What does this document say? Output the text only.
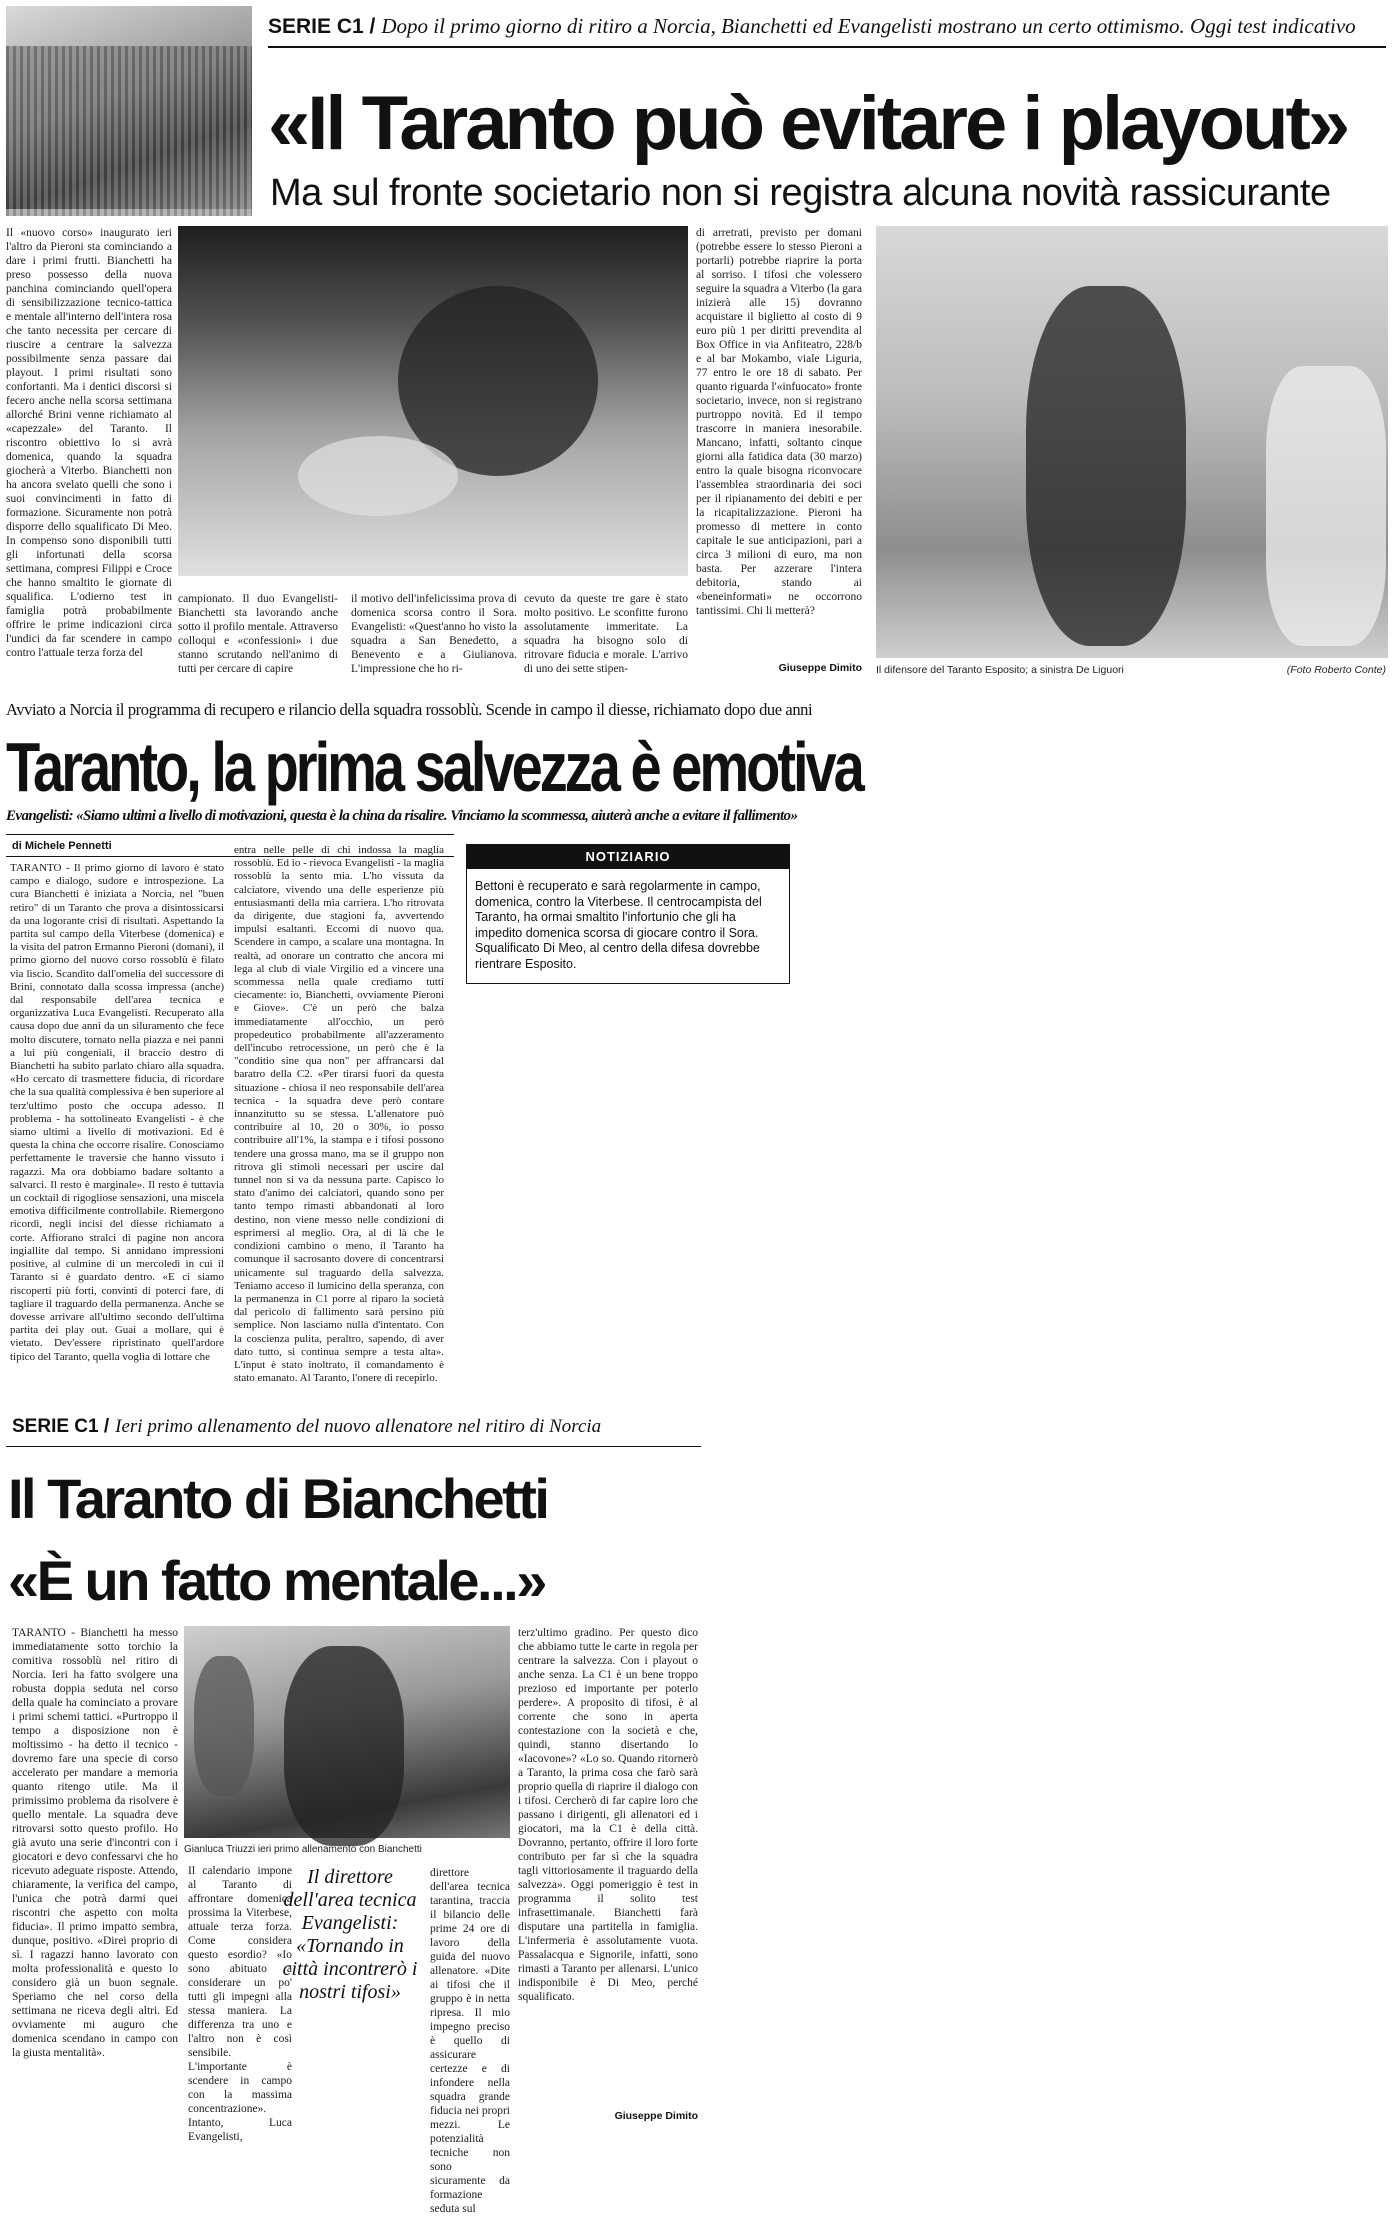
SERIE C1 / Dopo il primo giorno di ritiro a Norcia, Bianchetti ed Evangelisti mostrano un certo ottimismo. Oggi test indicativo
«Il Taranto può evitare i playout»
Ma sul fronte societario non si registra alcuna novità rassicurante
Il «nuovo corso» inaugurato ieri l'altro da Pieroni sta cominciando a dare i primi frutti. Bianchetti ha preso possesso della nuova panchina cominciando quell'opera di sensibilizzazione tecnico-tattica e mentale all'interno dell'intera rosa che tanto necessita per cercare di riuscire a centrare la salvezza possibilmente senza passare dai playout. I primi risultati sono confortanti. Ma i dentici discorsi si fecero anche nella scorsa settimana allorché Brini venne richiamato al «capezzale» del Taranto. Il riscontro obiettivo lo si avrà domenica, quando la squadra giocherà a Viterbo. Bianchetti non ha ancora svelato quelli che sono i suoi convincimenti in fatto di formazione. Sicuramente non potrà disporre dello squalificato Di Meo. In compenso sono disponibili tutti gli infortunati della scorsa settimana, compresi Filippi e Croce che hanno smaltito le giornate di squalifica. L'odierno test in famiglia potrà probabilmente offrire le prime indicazioni circa l'undici da far scendere in campo contro l'attuale terza forza del
campionato. Il duo Evangelisti-Bianchetti sta lavorando anche sotto il profilo mentale. Attraverso colloqui e «confessioni» i due stanno scrutando nell'animo di tutti per cercare di capire
il motivo dell'infelicissima prova di domenica scorsa contro il Sora. Evangelisti: «Quest'anno ho visto la squadra a San Benedetto, a Benevento e a Giulianova. L'impressione che ho ri-
cevuto da queste tre gare è stato molto positivo. Le sconfitte furono assolutamente immeritate. La squadra ha bisogno solo di ritrovare fiducia e morale. L'arrivo di uno dei sette stipen-
di arretrati, previsto per domani (potrebbe essere lo stesso Pieroni a portarli) potrebbe riaprire la porta al sorriso. I tifosi che volessero seguire la squadra a Viterbo (la gara inizierà alle 15) dovranno acquistare il biglietto al costo di 9 euro più 1 per diritti prevendita al Box Office in via Anfiteatro, 228/b e al bar Mokambo, viale Liguria, 77 entro le ore 18 di sabato. Per quanto riguarda l'«infuocato» fronte societario, invece, non si registrano purtroppo novità. Ed il tempo trascorre in maniera inesorabile. Mancano, infatti, soltanto cinque giorni alla fatidica data (30 marzo) entro la quale bisogna riconvocare l'assemblea straordinaria dei soci per il ripianamento dei debiti e per la ricapitalizzazione. Pieroni ha promesso di mettere in conto capitale le sue anticipazioni, pari a circa 3 milioni di euro, ma non basta. Per azzerare l'intera debitoria, stando ai «beneinformati» ne occorrono tantissimi. Chi li metterà?
Giuseppe Dimito Il difensore del Taranto Esposito; a sinistra De Liguori	(Foto Roberto Conte)
Avviato a Norcia il programma di recupero e rilancio della squadra rossoblù. Scende in campo il diesse, richiamato dopo due anni
Taranto, la prima salvezza è emotiva
Evangelisti: «Siamo ultimi a livello di motivazioni, questa è la china da risalire. Vinciamo la scommessa, aiuterà anche a evitare il fallimento»
di Michele Pennetti
TARANTO - Il primo giorno di lavoro è stato campo e dialogo, sudore e introspezione. La cura Bianchetti è iniziata a Norcia, nel "buen retiro" di un Taranto che prova a disintossicarsi da una logorante crisi di risultati. Aspettando la partita sul campo della Viterbese (domenica) e la visita del patron Ermanno Pieroni (domani), il primo giorno del nuovo corso rossoblù è filato via liscio. Scandito dall'omelia del successore di Brini, connotato dalla scossa impressa (anche) dal responsabile dell'area tecnica e organizzativa Luca Evangelisti. Recuperato alla causa dopo due anni da un siluramento che fece molto discutere, tornato nella piazza e nei panni a lui più congeniali, il braccio destro di Bianchetti ha subito parlato chiaro alla squadra. «Ho cercato di trasmettere fiducia, di ricordare che la sua qualità complessiva è ben superiore al terz'ultimo posto che occupa adesso. Il problema - ha sottolineato Evangelisti - è che siamo ultimi a livello di motivazioni. Ed è questa la china che occorre risalire. Conosciamo perfettamente le traversie che hanno vissuto i ragazzi. Ma ora dobbiamo badare soltanto a salvarci. Il resto è marginale». Il resto è tuttavia un cocktail di rigogliose sensazioni, una miscela emotiva difficilmente controllabile. Riemergono ricordi, negli incisi del diesse richiamato a corte. Affiorano stralci di pagine non ancora ingiallite dal tempo. Si annidano impressioni positive, al culmine di un mercoledì in cui il Taranto si è guardato dentro. «E ci siamo riscoperti più forti, convinti di poterci fare, di tagliare il traguardo della permanenza. Anche se dovesse arrivare all'ultimo secondo dell'ultima partita dei play out. Guai a mollare, qui è vietato. Dev'essere ripristinato quell'ardore tipico del Taranto, quella voglia di lottare che
entra nelle pelle di chi indossa la maglia rossoblù. Ed io - rievoca Evangelisti - la maglia rossoblù la sento mia. L'ho vissuta da calciatore, vivendo una delle esperienze più entusiasmanti della mia carriera. L'ho ritrovata da dirigente, due stagioni fa, avvertendo impulsi esaltanti. Eccomi di nuovo qua. Scendere in campo, a scalare una montagna. In realtà, ad onorare un contratto che ancora mi lega al club di viale Virgilio ed a vincere una scommessa nella quale crediamo tutti ciecamente: io, Bianchetti, ovviamente Pieroni e Giove». C'è un però che balza immediatamente all'occhio, un però propedeutico probabilmente all'azzeramento dell'incubo retrocessione, un però che è la "conditio sine qua non" per affrancarsi dal baratro della C2. «Per tirarsi fuori da questa situazione - chiosa il neo responsabile dell'area tecnica - la squadra deve però contare innanzitutto su se stessa. L'allenatore può contribuire al 10, 20 o 30%, io posso contribuire all'1%, la stampa e i tifosi possono tendere una grossa mano, ma se il gruppo non ritrova gli stimoli necessari per uscire dal tunnel non si va da nessuna parte. Capisco lo stato d'animo dei calciatori, quando sono per tanto tempo rimasti abbandonati al loro destino, non viene messo nelle condizioni di esprimersi al meglio. Ora, al di là che le condizioni cambino o meno, il Taranto ha comunque il sacrosanto dovere di concentrarsi unicamente sul traguardo della salvezza. Teniamo acceso il lumicino della speranza, con la permanenza in C1 porre al riparo la società dal pericolo di fallimento sarà persino più semplice. Non lasciamo nulla d'intentato. Con la coscienza pulita, peraltro, sapendo, di aver dato tutto, si continua sempre a testa alta». L'input è stato inoltrato, il comandamento è stato emanato. Al Taranto, l'onere di recepirlo.
NOTIZIARIO
Bettoni è recuperato e sarà regolarmente in campo, domenica, contro la Viterbese. Il centrocampista del Taranto, ha ormai smaltito l'infortunio che gli ha impedito domenica scorsa di giocare contro il Sora. Squalificato Di Meo, al centro della difesa dovrebbe rientrare Esposito.
SERIE C1 / Ieri primo allenamento del nuovo allenatore nel ritiro di Norcia
Il Taranto di Bianchetti
«È un fatto mentale...»
TARANTO - Bianchetti ha messo immediatamente sotto torchio la comitiva rossoblù nel ritiro di Norcia. Ieri ha fatto svolgere una robusta doppia seduta nel corso della quale ha cominciato a provare i primi schemi tattici. «Purtroppo il tempo a disposizione non è moltissimo - ha detto il tecnico - dovremo fare una specie di corso accelerato per mandare a memoria quanto ritengo utile. Ma il primissimo problema da risolvere è quello mentale. La squadra deve ritrovarsi sotto questo profilo. Ho già avuto una serie d'incontri con i giocatori e devo confessarvi che ho ricevuto adeguate risposte. Attendo, chiaramente, la verifica del campo, l'unica che potrà darmi quei riscontri che aspetto con molta fiducia». Il primo impatto sembra, dunque, positivo. «Direi proprio di sì. I ragazzi hanno lavorato con molta professionalità e questo lo considero già un buon segnale. Speriamo che nel corso della settimana ne riceva degli altri. Ed ovviamente mi auguro che domenica scendano in campo con la giusta mentalità».
Gianluca Triuzzi ieri primo allenamento con Bianchetti
Il calendario impone al Taranto di affrontare domenica prossima la Viterbese, attuale terza forza. Come considera questo esordio? «Io sono abituato a considerare un po' tutti gli impegni alla stessa maniera. La differenza tra uno e l'altro non è così sensibile. L'importante è scendere in campo con la massima concentrazione». Intanto, Luca Evangelisti,
Il direttore dell'area tecnica Evangelisti: «Tornando in città incontrerò i nostri tifosi»
direttore dell'area tecnica tarantina, traccia il bilancio delle prime 24 ore di lavoro della guida del nuovo allenatore. «Dite ai tifosi che il gruppo è in netta ripresa. Il mio impegno preciso è quello di assicurare certezze e di infondere nella squadra grande fiducia nei propri mezzi. Le potenzialità tecniche non sono sicuramente da formazione seduta sul
terz'ultimo gradino. Per questo dico che abbiamo tutte le carte in regola per centrare la salvezza. Con i playout o anche senza. La C1 è un bene troppo prezioso ed importante per poterlo perdere». A proposito di tifosi, è al corrente che sono in aperta contestazione con la società e che, quindi, stanno disertando lo «Iacovone»? «Lo so. Quando ritornerò a Taranto, la prima cosa che farò sarà proprio quella di riaprire il dialogo con i tifosi. Cercherò di far capire loro che passano i dirigenti, gli allenatori ed i giocatori, ma la C1 è della città. Dovranno, pertanto, offrire il loro forte contributo per far sì che la squadra tagli vittoriosamente il traguardo della salvezza». Oggi pomeriggio è test in programma il solito test infrasettimanale. Bianchetti farà disputare una partitella in famiglia. L'infermeria è assolutamente vuota. Passalacqua e Signorile, infatti, sono rimasti a Taranto per allenarsi. L'unico indisponibile è Di Meo, perché squalificato.
Giuseppe Dimito
